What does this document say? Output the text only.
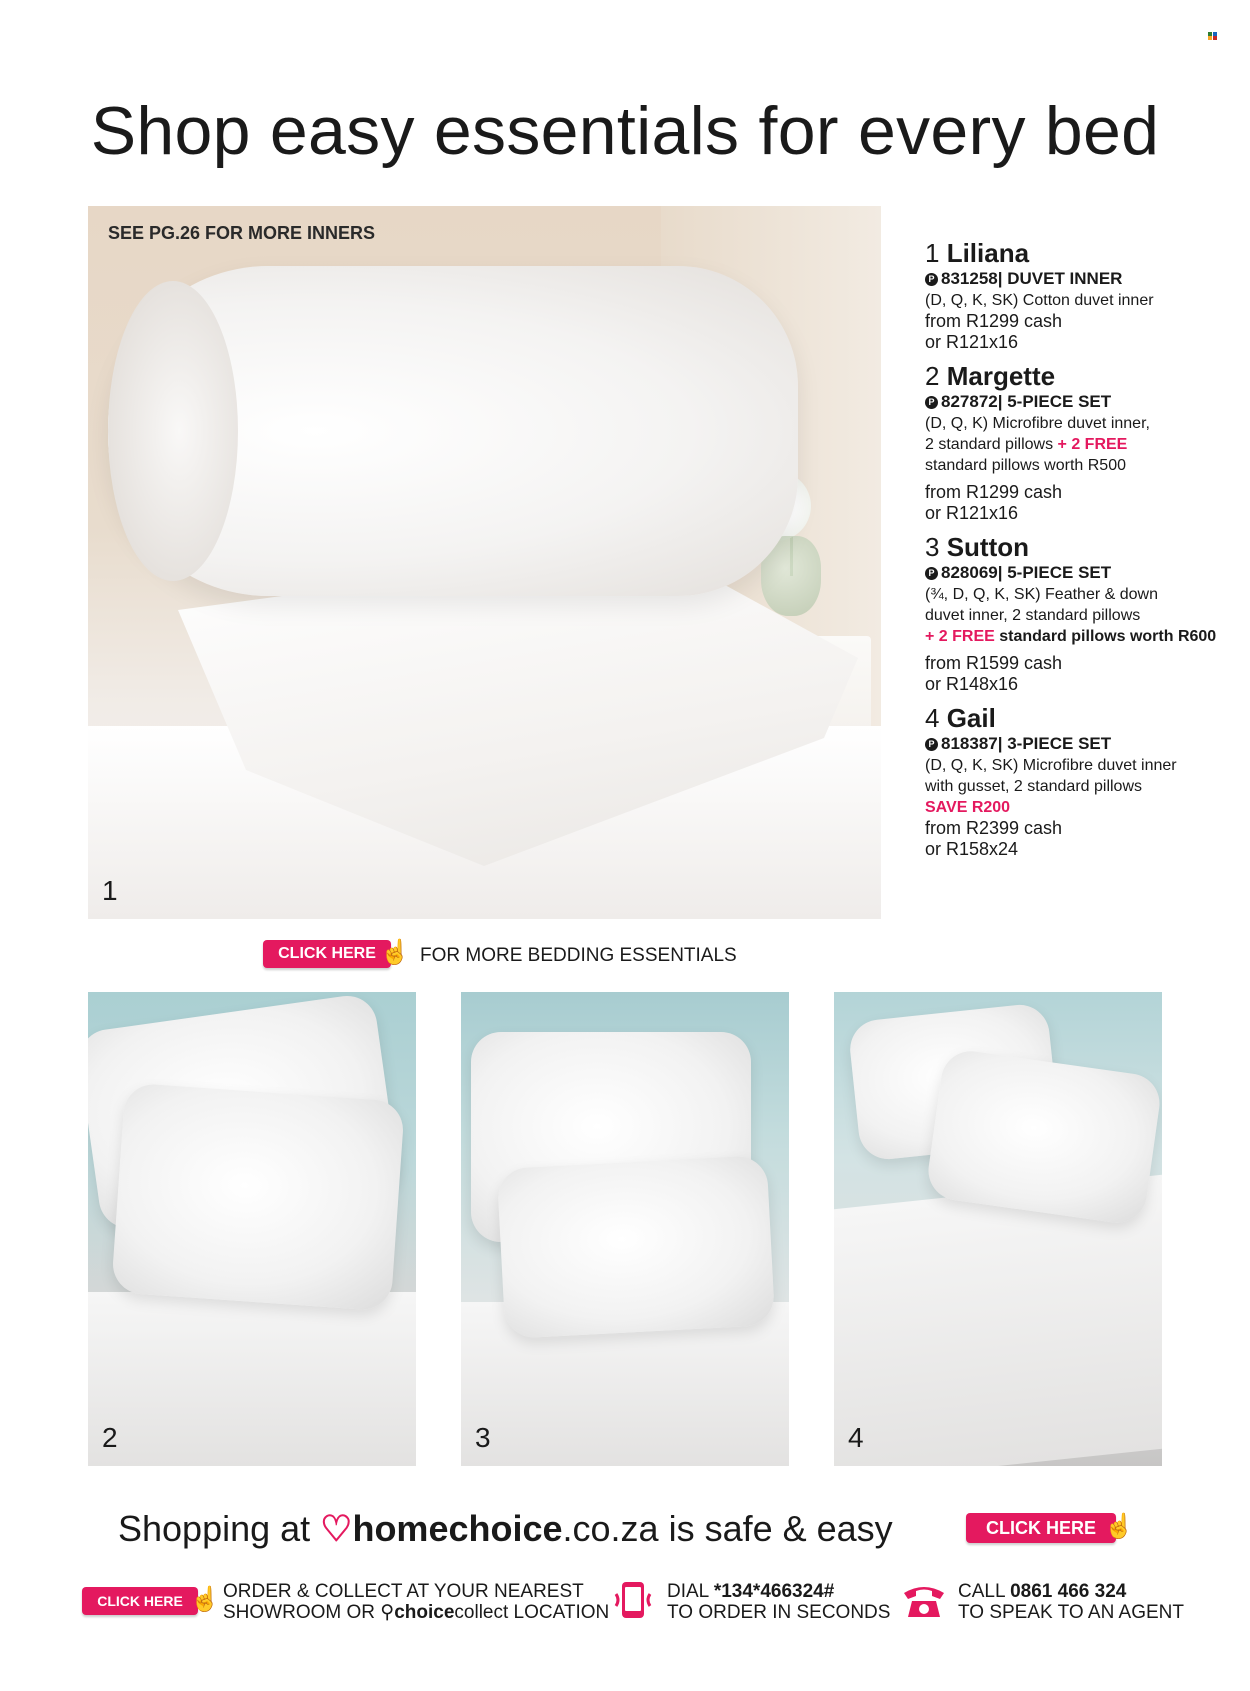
Shop easy essentials for every bed
SEE PG.26 FOR MORE INNERS
1
1 Liliana
P 831258 | DUVET INNER
(D, Q, K, SK) Cotton duvet inner
from R1299 cash
or R121x16
2 Margette
P 827872 | 5-PIECE SET
(D, Q, K) Microfibre duvet inner,
2 standard pillows + 2 FREE
standard pillows worth R500
from R1299 cash
or R121x16
3 Sutton
P 828069 | 5-PIECE SET
(¾, D, Q, K, SK) Feather & down
duvet inner, 2 standard pillows
+ 2 FREE standard pillows worth R600
from R1599 cash
or R148x16
4 Gail
P 818387 | 3-PIECE SET
(D, Q, K, SK) Microfibre duvet inner
with gusset, 2 standard pillows
SAVE R200
from R2399 cash
or R158x24
CLICK HERE ☝ FOR MORE BEDDING ESSENTIALS
2	3	4
Shopping at ♡homechoice.co.za is safe & easy	CLICK HERE ☝
CLICK HERE ☝ ORDER & COLLECT AT YOUR NEAREST
SHOWROOM OR ⚲choicecollect LOCATION
DIAL *134*466324#
TO ORDER IN SECONDS
CALL 0861 466 324
TO SPEAK TO AN AGENT
